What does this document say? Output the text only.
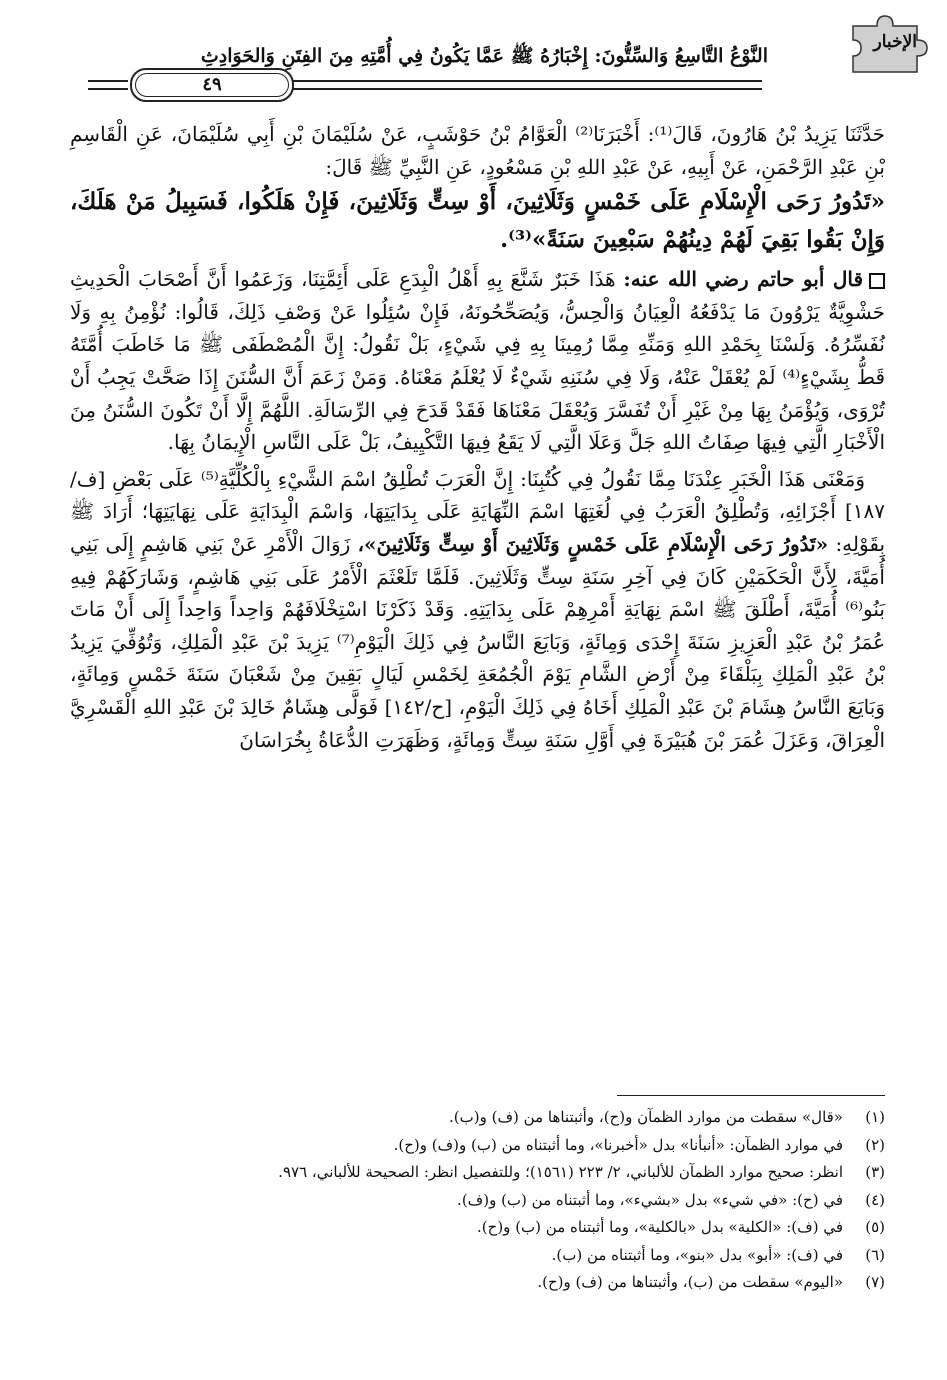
٤٩
النَّوْعُ التَّاسِعُ وَالسِّتُّونَ: إِخْبَارُهُ ﷺ عَمَّا يَكُونُ فِي أُمَّتِهِ مِنَ الفِتَنِ وَالحَوَادِثِ
الإخبار

حَدَّثَنَا يَزِيدُ بْنُ هَارُونَ، قَالَ⁽¹⁾: أَخْبَرَنَا⁽²⁾ الْعَوَّامُ بْنُ حَوْشَبٍ، عَنْ سُلَيْمَانَ بْنِ أَبِي سُلَيْمَانَ، عَنِ الْقَاسِمِ بْنِ عَبْدِ الرَّحْمَنِ، عَنْ أَبِيهِ، عَنْ عَبْدِ اللهِ بْنِ مَسْعُودٍ، عَنِ النَّبِيِّ ﷺ قَالَ:

«تَدُورُ رَحَى الْإِسْلَامِ عَلَى خَمْسٍ وَثَلَاثِينَ، أَوْ سِتٍّ وَثَلَاثِينَ، فَإِنْ هَلَكُوا، فَسَبِيلُ مَنْ هَلَكَ، وَإِنْ بَقُوا بَقِيَ لَهُمْ دِينُهُمْ سَبْعِينَ سَنَةً»⁽³⁾.

قال أبو حاتم رضي الله عنه: هَذَا خَبَرٌ شَنَّعَ بِهِ أَهْلُ الْبِدَعِ عَلَى أَئِمَّتِنَا، وَزَعَمُوا أَنَّ أَصْحَابَ الْحَدِيثِ حَشْوِيَّةٌ يَرْوُونَ مَا يَدْفَعُهُ الْعِيَانُ وَالْحِسُّ، وَيُصَحِّحُونَهُ، فَإِنْ سُئِلُوا عَنْ وَصْفِ ذَلِكَ، قَالُوا: نُؤْمِنُ بِهِ وَلَا نُفَسِّرُهُ. وَلَسْنَا بِحَمْدِ اللهِ وَمَنِّهِ مِمَّا رُمِينَا بِهِ فِي شَيْءٍ، بَلْ نَقُولُ: إِنَّ الْمُصْطَفَى ﷺ مَا خَاطَبَ أُمَّتَهُ قَطُّ بِشَيْءٍ⁽⁴⁾ لَمْ يُعْقَلْ عَنْهُ، وَلَا فِي سُنَنِهِ شَيْءٌ لَا يُعْلَمُ مَعْنَاهُ. وَمَنْ زَعَمَ أَنَّ السُّنَنَ إِذَا صَحَّتْ يَجِبُ أَنْ تُرْوَى، وَيُؤْمَنُ بِهَا مِنْ غَيْرِ أَنْ تُفَسَّرَ وَيُعْقَلَ مَعْنَاهَا فَقَدْ قَدَحَ فِي الرِّسَالَةِ. اللَّهُمَّ إِلَّا أَنْ تَكُونَ السُّنَنُ مِنَ الْأَخْبَارِ الَّتِي فِيهَا صِفَاتُ اللهِ جَلَّ وَعَلَا الَّتِي لَا يَقَعُ فِيهَا التَّكْيِيفُ، بَلْ عَلَى النَّاسِ الْإِيمَانُ بِهَا.

 وَمَعْنَى هَذَا الْخَبَرِ عِنْدَنَا مِمَّا نَقُولُ فِي كُتُبِنَا: إِنَّ الْعَرَبَ تُطْلِقُ اسْمَ الشَّيْءِ بِالْكُلِّيَّةِ⁽⁵⁾ عَلَى بَعْضِ [ف/١٨٧] أَجْزَائِهِ، وَتُطْلِقُ الْعَرَبُ فِي لُغَتِهَا اسْمَ النِّهَايَةِ عَلَى بِدَايَتِهَا، وَاسْمَ الْبِدَايَةِ عَلَى نِهَايَتِهَا؛ أَرَادَ ﷺ بِقَوْلِهِ: «تَدُورُ رَحَى الْإِسْلَامِ عَلَى خَمْسٍ وَثَلَاثِينَ أَوْ سِتٍّ وَثَلَاثِينَ»، زَوَالَ الْأَمْرِ عَنْ بَنِي هَاشِمٍ إِلَى بَنِي أُمَيَّةَ، لِأَنَّ الْحَكَمَيْنِ كَانَ فِي آخِرِ سَنَةِ سِتٍّ وَثَلَاثِينَ. فَلَمَّا تَلَعْثَمَ الْأَمْرُ عَلَى بَنِي هَاشِمٍ، وَشَارَكَهُمْ فِيهِ بَنُو⁽⁶⁾ أُمَيَّةَ، أَطْلَقَ ﷺ اسْمَ نِهَايَةِ أَمْرِهِمْ عَلَى بِدَايَتِهِ. وَقَدْ ذَكَرْنَا اسْتِخْلَافَهُمْ وَاحِداً وَاحِداً إِلَى أَنْ مَاتَ عُمَرُ بْنُ عَبْدِ الْعَزِيزِ سَنَةَ إِحْدَى وَمِائَةٍ، وَبَايَعَ النَّاسُ فِي ذَلِكَ الْيَوْمِ⁽⁷⁾ يَزِيدَ بْنَ عَبْدِ الْمَلِكِ، وَتُوُفِّيَ يَزِيدُ بْنُ عَبْدِ الْمَلِكِ بِبَلْقَاءَ مِنْ أَرْضِ الشَّامِ يَوْمَ الْجُمُعَةِ لِخَمْسِ لَيَالٍ بَقِينَ مِنْ شَعْبَانَ سَنَةَ خَمْسٍ وَمِائَةٍ، وَبَايَعَ النَّاسُ هِشَامَ بْنَ عَبْدِ الْمَلِكِ أَخَاهُ فِي ذَلِكَ الْيَوْمِ، [ح/١٤٢] فَوَلَّى هِشَامٌ خَالِدَ بْنَ عَبْدِ اللهِ الْقَسْرِيَّ الْعِرَاقَ، وَعَزَلَ عُمَرَ بْنَ هُبَيْرَةَ فِي أَوَّلِ سَنَةِ سِتٍّ وَمِائَةٍ، وَظَهَرَتِ الدُّعَاةُ بِخُرَاسَانَ

(١)«قال» سقطت من موارد الظمآن و(ح)، وأثبتناها من (ف) و(ب).
(٢)في موارد الظمآن: «أنبأنا» بدل «أخبرنا»، وما أثبتناه من (ب) و(ف) و(ح).
(٣)انظر: صحيح موارد الظمآن للألباني، ٢/ ٢٢٣ (١٥٦١)؛ وللتفصيل انظر: الصحيحة للألباني، ٩٧٦.
(٤)في (ح): «في شيء» بدل «بشيء»، وما أثبتناه من (ب) و(ف).
(٥)في (ف): «الكلية» بدل «بالكلية»، وما أثبتناه من (ب) و(ح).
(٦)في (ف): «أبو» بدل «بنو»، وما أثبتناه من (ب).
(٧)«اليوم» سقطت من (ب)، وأثبتناها من (ف) و(ح).
